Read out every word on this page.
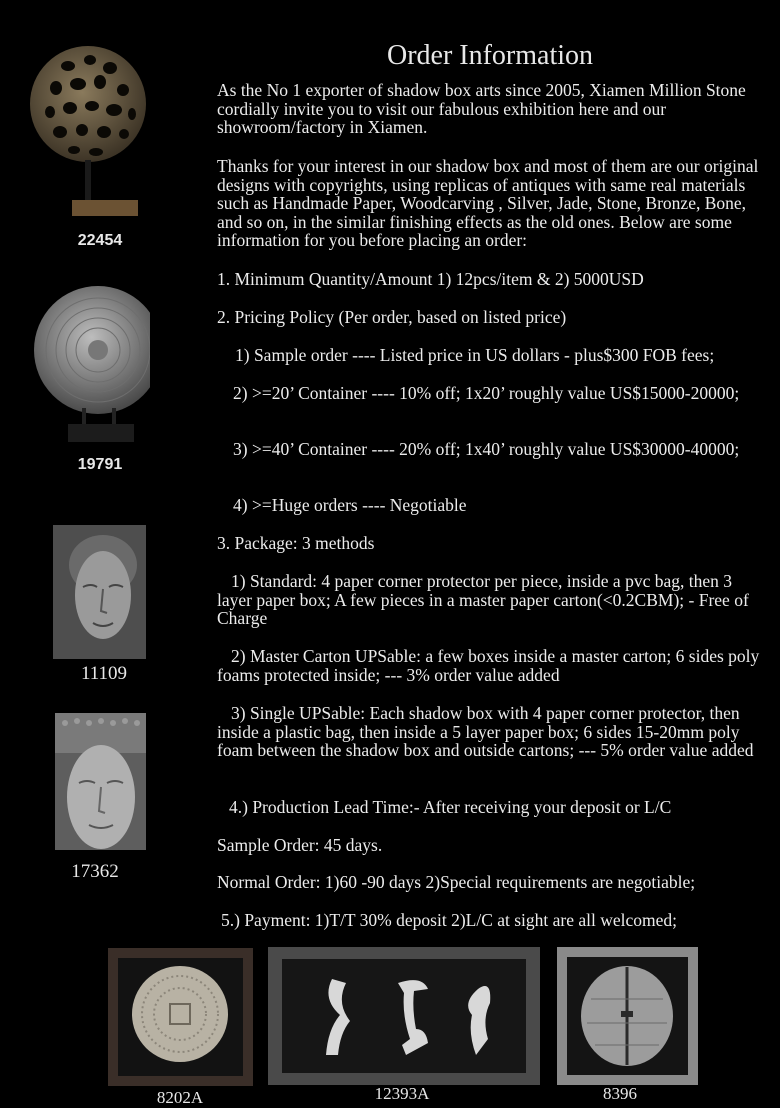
22454
19791
11109
17362
Order Information
As the No 1 exporter of shadow box arts since 2005, Xiamen Million Stone cordially invite you to visit our fabulous exhibition here and our showroom/factory in Xiamen.
Thanks for your interest in our shadow box and most of them are our original designs with copyrights, using replicas of antiques with same real materials such as Handmade Paper, Woodcarving , Silver, Jade, Stone, Bronze, Bone, and so on, in the similar finishing effects as the old ones. Below are some information for you before placing an order:
1. Minimum Quantity/Amount 1) 12pcs/item & 2) 5000USD
2. Pricing Policy (Per order, based on listed price)
1) Sample order ---- Listed price in US dollars - plus$300 FOB fees;
2) >=20’ Container ---- 10% off; 1x20’ roughly value US$15000-20000;
3) >=40’ Container ---- 20% off; 1x40’ roughly value US$30000-40000;
4) >=Huge orders ---- Negotiable
3. Package: 3 methods
1) Standard: 4 paper corner protector per piece, inside a pvc bag, then 3 layer paper box; A few pieces in a master paper carton(<0.2CBM); - Free of Charge
2) Master Carton UPSable: a few boxes inside a master carton; 6 sides poly foams protected inside; --- 3% order value added
3) Single UPSable: Each shadow box with 4 paper corner protector, then inside a plastic bag, then inside a 5 layer paper box; 6 sides 15-20mm poly foam between the shadow box and outside cartons; --- 5% order value added
4.) Production Lead Time:- After receiving your deposit or L/C
Sample Order: 45 days.
Normal Order: 1)60 -90 days 2)Special requirements are negotiable;
5.) Payment: 1)T/T 30% deposit 2)L/C at sight are all welcomed;
8202A	12393A	8396
